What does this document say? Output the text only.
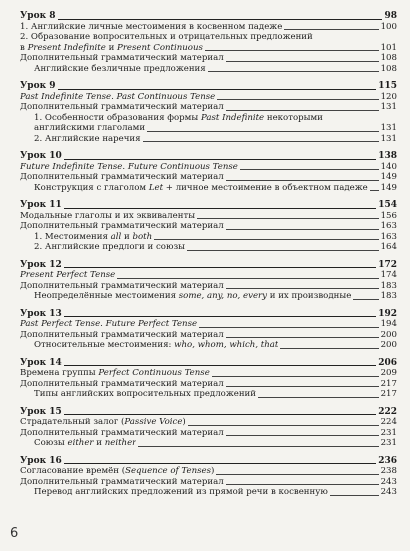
Урок 8	98
1. Английские личные местоимения в косвенном падеже	100
2. Образование вопросительных и отрицательных предложений
в Present Indefinite и Present Continuous	101
Дополнительный грамматический материал	108
Английские безличные предложения	108
Урок 9	115
Past Indefinite Tense. Past Continuous Tense	120
Дополнительный грамматический материал	131
1. Особенности образования формы Past Indefinite некоторыми
английскими глаголами	131
2. Английские наречия	131
Урок 10	138
Future Indefinite Tense. Future Continuous Tense	140
Дополнительный грамматический материал	149
Конструкция с глаголом Let + личное местоимение в объектном падеже 149
Урок 11	154
Модальные глаголы и их эквиваленты	156
Дополнительный грамматический материал	163
1. Местоимения all и both	163
2. Английские предлоги и союзы	164
Урок 12	172
Present Perfect Tense	174
Дополнительный грамматический материал	183
Неопределённые местоимения some, any, no, every и их производные	183
Урок 13	192
Past Perfect Tense. Future Perfect Tense	194
Дополнительный грамматический материал	200
Относительные местоимения: who, whom, which, that	200
Урок 14	206
Времена группы Perfect Continuous Tense	209
Дополнительный грамматический материал	217
Типы английских вопросительных предложений	217
Урок 15	222
Страдательный залог (Passive Voice)	224
Дополнительный грамматический материал	231
Союзы either и neither	231
Урок 16	236
Согласование времён (Sequence of Tenses)	238
Дополнительный грамматический материал	243
Перевод английских предложений из прямой речи в косвенную	243
6
